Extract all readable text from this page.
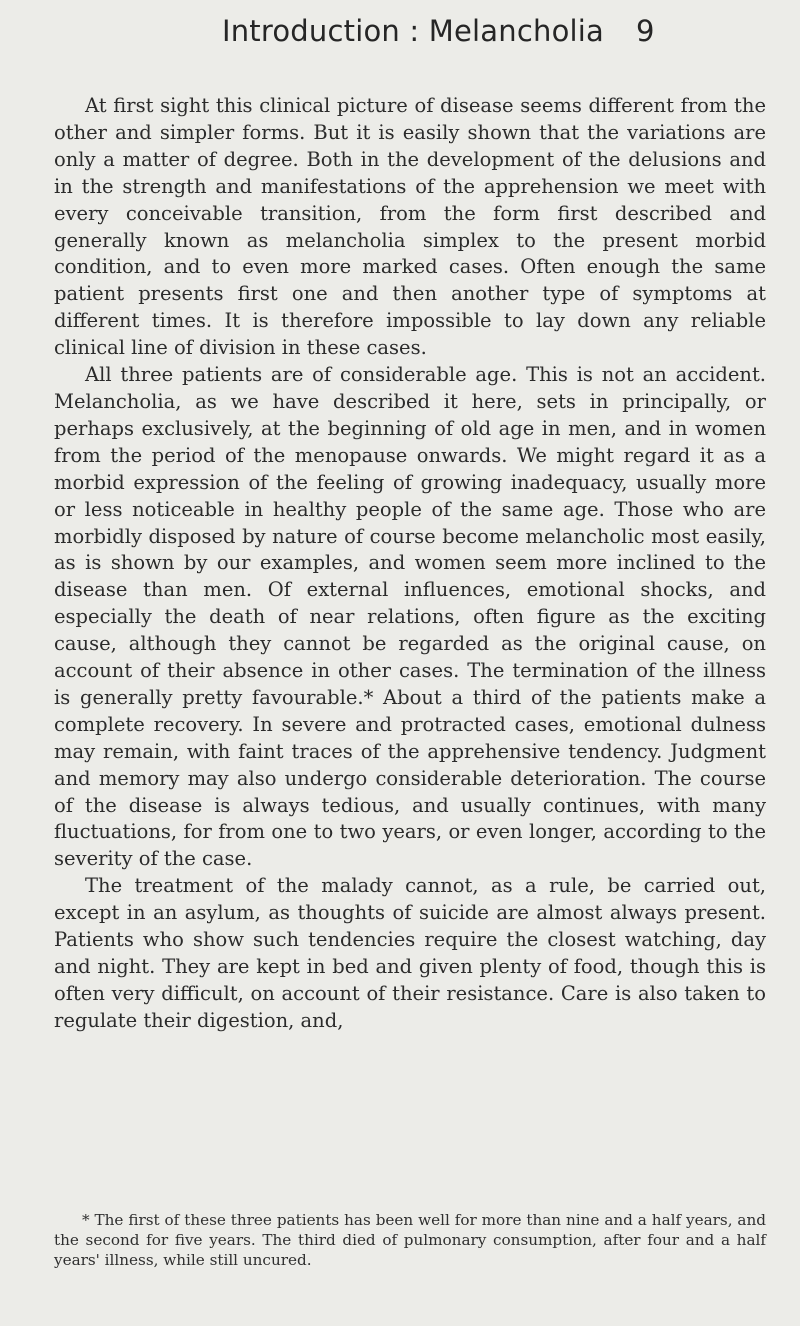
Introduction : Melancholia	9

At first sight this clinical picture of disease seems different from the other and simpler forms. But it is easily shown that the variations are only a matter of degree. Both in the development of the delusions and in the strength and manifestations of the apprehension we meet with every conceivable transition, from the form first described and generally known as melancholia simplex to the present morbid condition, and to even more marked cases. Often enough the same patient presents first one and then another type of symptoms at different times. It is therefore impossible to lay down any reliable clinical line of division in these cases.

All three patients are of considerable age. This is not an accident. Melancholia, as we have described it here, sets in principally, or perhaps exclusively, at the beginning of old age in men, and in women from the period of the menopause onwards. We might regard it as a morbid expression of the feeling of growing inadequacy, usually more or less noticeable in healthy people of the same age. Those who are morbidly disposed by nature of course become melancholic most easily, as is shown by our examples, and women seem more inclined to the disease than men. Of external influences, emotional shocks, and especially the death of near relations, often figure as the exciting cause, although they cannot be regarded as the original cause, on account of their absence in other cases. The termination of the illness is generally pretty favourable.* About a third of the patients make a complete recovery. In severe and protracted cases, emotional dulness may remain, with faint traces of the apprehensive tendency. Judgment and memory may also undergo considerable deterioration. The course of the disease is always tedious, and usually continues, with many fluctuations, for from one to two years, or even longer, according to the severity of the case.

The treatment of the malady cannot, as a rule, be carried out, except in an asylum, as thoughts of suicide are almost always present. Patients who show such tendencies require the closest watching, day and night. They are kept in bed and given plenty of food, though this is often very difficult, on account of their resistance. Care is also taken to regulate their digestion, and,

* The first of these three patients has been well for more than nine and a half years, and the second for five years. The third died of pulmonary consumption, after four and a half years' illness, while still uncured.
